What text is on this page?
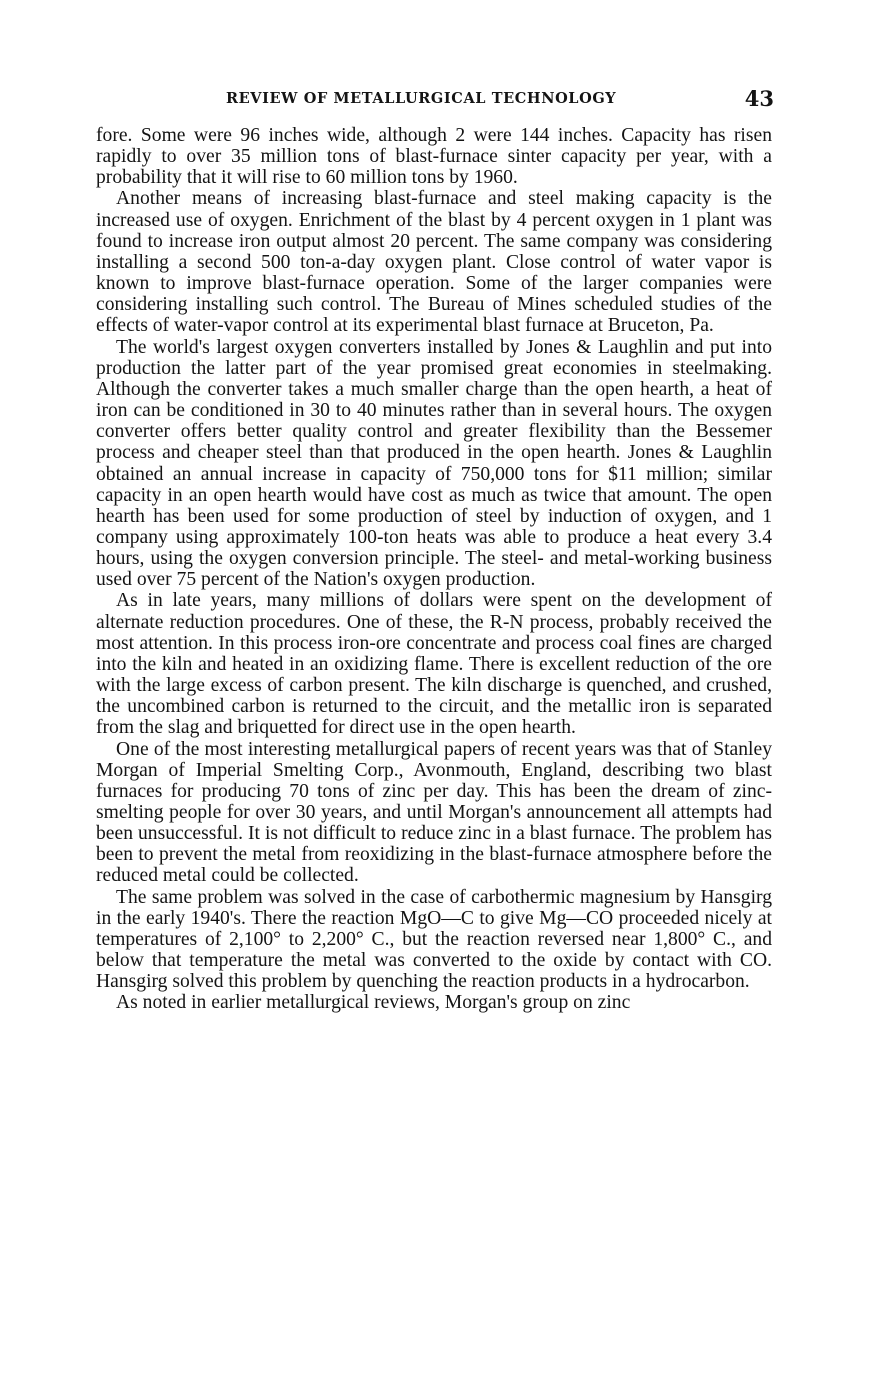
REVIEW OF METALLURGICAL TECHNOLOGY	43

fore. Some were 96 inches wide, although 2 were 144 inches. Capacity has risen rapidly to over 35 million tons of blast-furnace sinter capacity per year, with a probability that it will rise to 60 million tons by 1960.

Another means of increasing blast-furnace and steel making capacity is the increased use of oxygen. Enrichment of the blast by 4 percent oxygen in 1 plant was found to increase iron output almost 20 percent. The same company was considering installing a second 500 ton-a-day oxygen plant. Close control of water vapor is known to improve blast-furnace operation. Some of the larger companies were considering installing such control. The Bureau of Mines scheduled studies of the effects of water-vapor control at its experimental blast furnace at Bruceton, Pa.

The world's largest oxygen converters installed by Jones & Laughlin and put into production the latter part of the year promised great economies in steelmaking. Although the converter takes a much smaller charge than the open hearth, a heat of iron can be conditioned in 30 to 40 minutes rather than in several hours. The oxygen converter offers better quality control and greater flexibility than the Bessemer process and cheaper steel than that produced in the open hearth. Jones & Laughlin obtained an annual increase in capacity of 750,000 tons for $11 million; similar capacity in an open hearth would have cost as much as twice that amount. The open hearth has been used for some production of steel by induction of oxygen, and 1 company using approximately 100-ton heats was able to produce a heat every 3.4 hours, using the oxygen conversion principle. The steel- and metal-working business used over 75 percent of the Nation's oxygen production.

As in late years, many millions of dollars were spent on the development of alternate reduction procedures. One of these, the R-N process, probably received the most attention. In this process iron-ore concentrate and process coal fines are charged into the kiln and heated in an oxidizing flame. There is excellent reduction of the ore with the large excess of carbon present. The kiln discharge is quenched, and crushed, the uncombined carbon is returned to the circuit, and the metallic iron is separated from the slag and briquetted for direct use in the open hearth.

One of the most interesting metallurgical papers of recent years was that of Stanley Morgan of Imperial Smelting Corp., Avonmouth, England, describing two blast furnaces for producing 70 tons of zinc per day. This has been the dream of zinc-smelting people for over 30 years, and until Morgan's announcement all attempts had been unsuccessful. It is not difficult to reduce zinc in a blast furnace. The problem has been to prevent the metal from reoxidizing in the blast-furnace atmosphere before the reduced metal could be collected.

The same problem was solved in the case of carbothermic magnesium by Hansgirg in the early 1940's. There the reaction MgO—C to give Mg—CO proceeded nicely at temperatures of 2,100° to 2,200° C., but the reaction reversed near 1,800° C., and below that temperature the metal was converted to the oxide by contact with CO. Hansgirg solved this problem by quenching the reaction products in a hydrocarbon.

As noted in earlier metallurgical reviews, Morgan's group on zinc
